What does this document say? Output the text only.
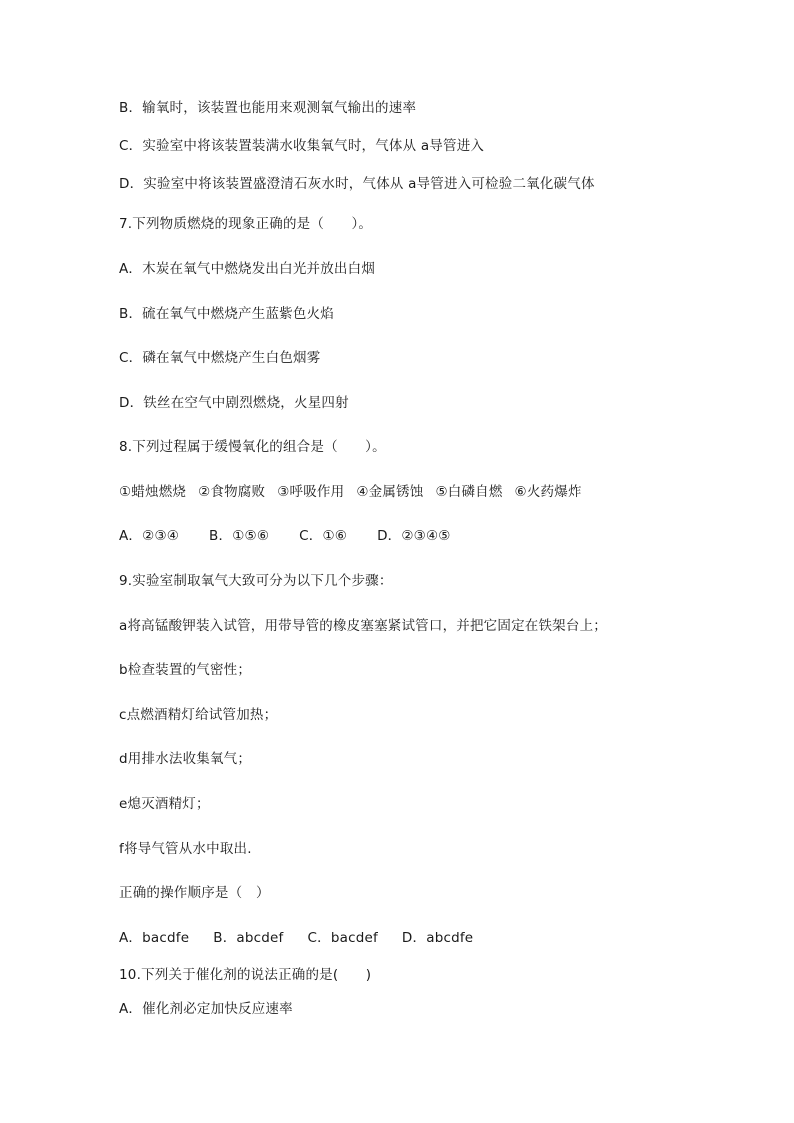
B．输氧时，该装置也能用来观测氧气输出的速率
C．实验室中将该装置装满水收集氧气时，气体从 a导管进入
D．实验室中将该装置盛澄清石灰水时，气体从 a导管进入可检验二氧化碳气体
7.下列物质燃烧的现象正确的是（　　）。
A．木炭在氧气中燃烧发出白光并放出白烟
B．硫在氧气中燃烧产生蓝紫色火焰
C．磷在氧气中燃烧产生白色烟雾
D．铁丝在空气中剧烈燃烧，火星四射
8.下列过程属于缓慢氧化的组合是（　　）。
①蜡烛燃烧 ②食物腐败 ③呼吸作用 ④金属锈蚀 ⑤白磷自燃 ⑥火药爆炸
A．②③④ B．①⑤⑥ C．①⑥ D．②③④⑤
9.实验室制取氧气大致可分为以下几个步骤：
a将高锰酸钾装入试管，用带导管的橡皮塞塞紧试管口，并把它固定在铁架台上；
b检查装置的气密性；
c点燃酒精灯给试管加热；
d用排水法收集氧气；
e熄灭酒精灯；
f将导气管从水中取出.
正确的操作顺序是（　）
A．bacdfe B．abcdef C．bacdef D．abcdfe
10.下列关于催化剂的说法正确的是(　　)
A．催化剂必定加快反应速率
